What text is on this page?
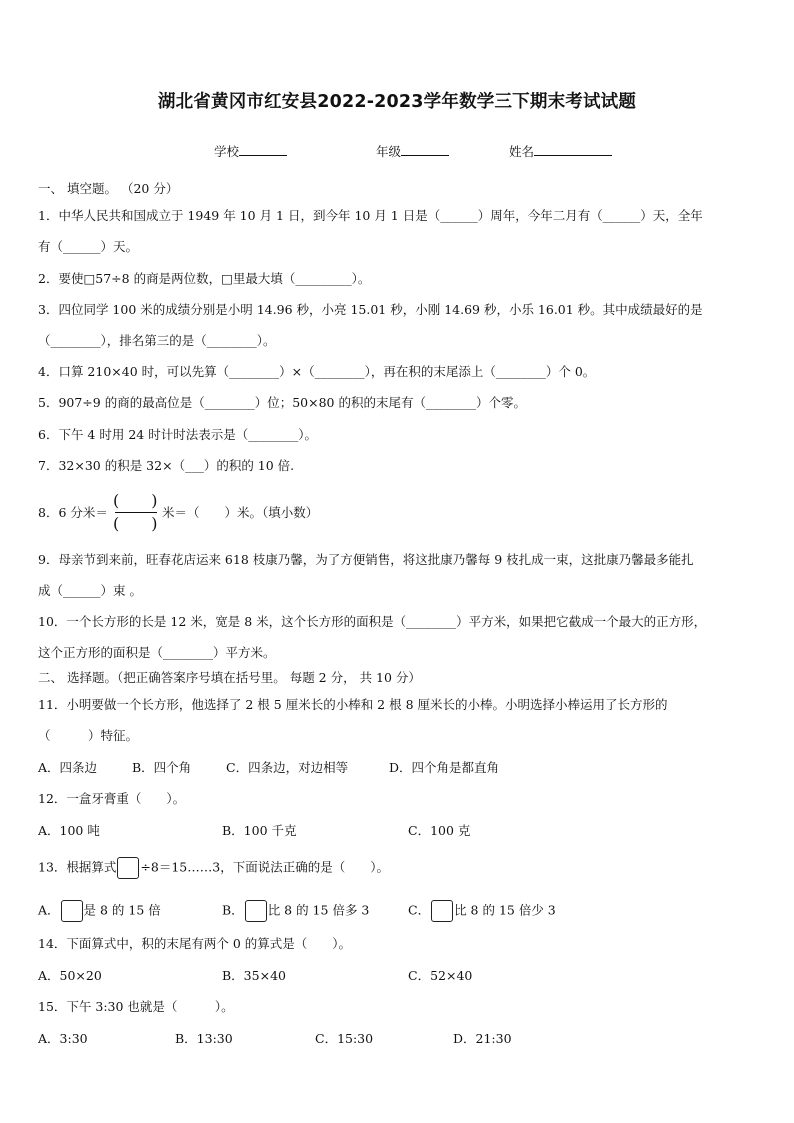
湖北省黄冈市红安县2022-2023学年数学三下期末考试试题
学校	年级	姓名
一、 填空题。 （20 分）
1．中华人民共和国成立于 1949 年 10 月 1 日，到今年 10 月 1 日是（______）周年，今年二月有（______）天，全年
有（______）天。
2．要使□57÷8 的商是两位数，□里最大填（_________）。
3．四位同学 100 米的成绩分别是小明 14.96 秒，小亮 15.01 秒，小刚 14.69 秒，小乐 16.01 秒。其中成绩最好的是
（________），排名第三的是（________）。
4．口算 210×40 时，可以先算（________）×（________），再在积的末尾添上（________）个 0。
5．907÷9 的商的最高位是（________）位；50×80 的积的末尾有（________）个零。
6．下午 4 时用 24 时计时法表示是（________）。
7．32×30 的积是 32×（___）的积的 10 倍.
8．6 分米＝
(　　)
(　　)
米＝（　　）米。（填小数）
9．母亲节到来前，旺春花店运来 618 枝康乃馨，为了方便销售，将这批康乃馨每 9 枝扎成一束，这批康乃馨最多能扎
成（______）束 。
10．一个长方形的长是 12 米，宽是 8 米，这个长方形的面积是（________）平方米，如果把它截成一个最大的正方形，
这个正方形的面积是（________）平方米。
二、 选择题。（把正确答案序号填在括号里。 每题 2 分， 共 10 分）
11．小明要做一个长方形，他选择了 2 根 5 厘米长的小棒和 2 根 8 厘米长的小棒。小明选择小棒运用了长方形的
（　　　）特征。
A．四条边	B．四个角	C．四条边，对边相等	D．四个角是都直角
12．一盒牙膏重（　　）。
A．100 吨	B．100 千克	C．100 克
13．根据算式 ÷8＝15……3，下面说法正确的是（　　）。
A． 是 8 的 15 倍	B． 比 8 的 15 倍多 3	C． 比 8 的 15 倍少 3
14．下面算式中，积的末尾有两个 0 的算式是（　　）。
A．50×20	B．35×40	C．52×40
15．下午 3:30 也就是（　　　）。
A．3:30	B．13:30	C．15:30	D．21:30
